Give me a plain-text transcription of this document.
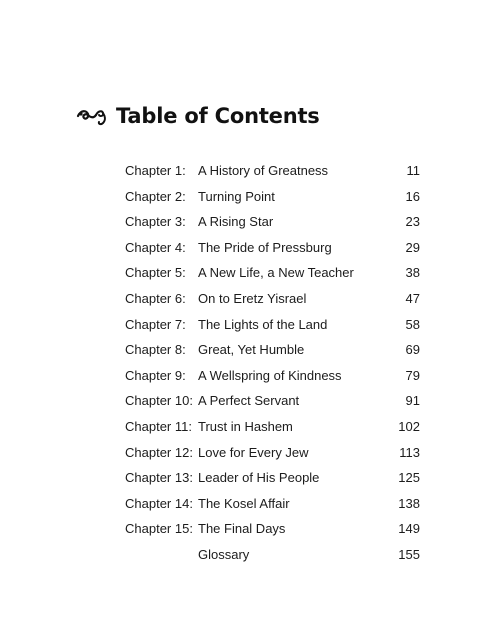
Table of Contents
Chapter 1: A History of Greatness	11
Chapter 2: Turning Point	16
Chapter 3: A Rising Star	23
Chapter 4: The Pride of Pressburg	29
Chapter 5: A New Life, a New Teacher	38
Chapter 6: On to Eretz Yisrael	47
Chapter 7: The Lights of the Land	58
Chapter 8: Great, Yet Humble	69
Chapter 9: A Wellspring of Kindness	79
Chapter 10: A Perfect Servant	91
Chapter 11: Trust in Hashem	102
Chapter 12: Love for Every Jew	113
Chapter 13: Leader of His People	125
Chapter 14: The Kosel Affair	138
Chapter 15: The Final Days	149
Glossary	155
